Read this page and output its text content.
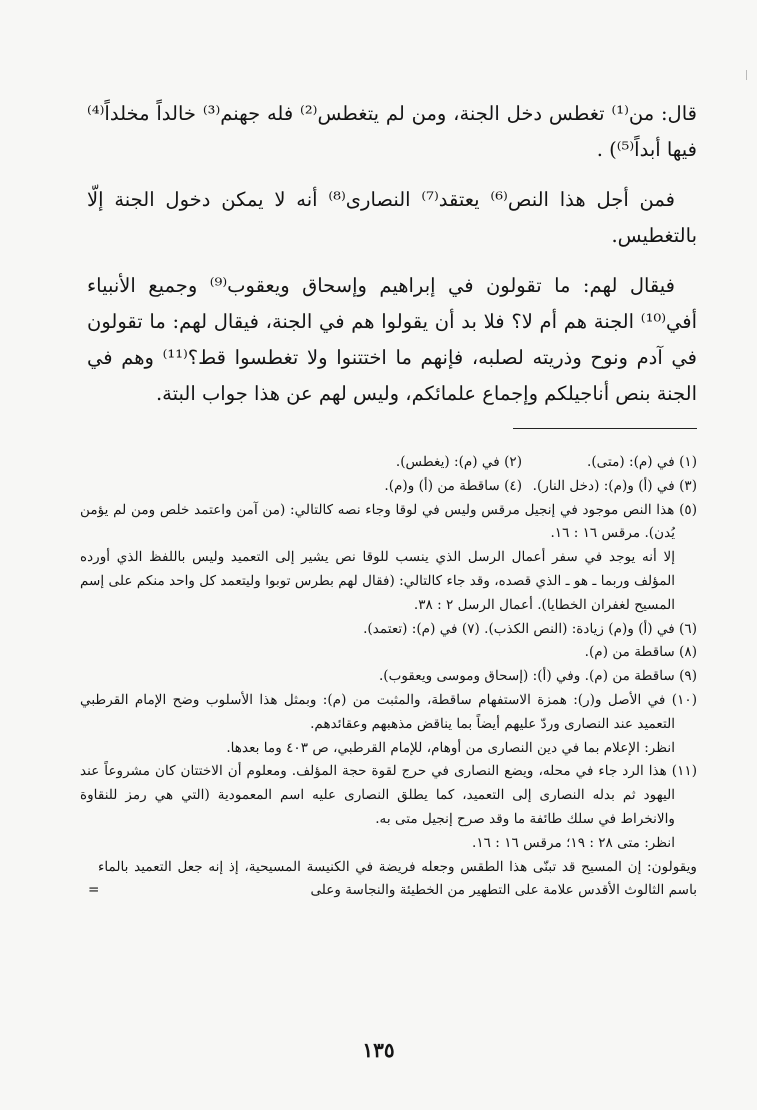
قال: من⁽¹⁾ تغطس دخل الجنة، ومن لم يتغطس⁽²⁾ فله جهنم⁽³⁾ خالداً مخلداً⁽⁴⁾ فيها أبداً⁽⁵⁾) .

فمن أجل هذا النص⁽⁶⁾ يعتقد⁽⁷⁾ النصارى⁽⁸⁾ أنه لا يمكن دخول الجنة إلّا بالتغطيس.

فيقال لهم: ما تقولون في إبراهيم وإسحاق ويعقوب⁽⁹⁾ وجميع الأنبياء أفي⁽¹⁰⁾ الجنة هم أم لا؟ فلا بد أن يقولوا هم في الجنة، فيقال لهم: ما تقولون في آدم ونوح وذريته لصلبه، فإنهم ما اختتنوا ولا تغطسوا قط؟⁽¹¹⁾ وهم في الجنة بنص أناجيلكم وإجماع علمائكم، وليس لهم عن هذا جواب البتة.

(١) في (م): (متى).
(٢) في (م): (يغطس).
(٣) في (أ) و(م): (دخل النار).
(٤) ساقطة من (أ) و(م).

(٥) هذا النص موجود في إنجيل مرقس وليس في لوقا وجاء نصه كالتالي: (من آمن واعتمد خلص ومن لم يؤمن يُدن). مرقس ١٦ : ١٦.

إلا أنه يوجد في سفر أعمال الرسل الذي ينسب للوقا نص يشير إلى التعميد وليس باللفظ الذي أورده المؤلف وربما ـ هو ـ الذي قصده، وقد جاء كالتالي: (فقال لهم بطرس توبوا وليتعمد كل واحد منكم على إسم المسيح لغفران الخطايا). أعمال الرسل ٢ : ٣٨.

(٦) في (أ) و(م) زيادة: (النص الكذب). (٧) في (م): (تعتمد).

(٨) ساقطة من (م).

(٩) ساقطة من (م). وفي (أ): (إسحاق وموسى ويعقوب).

(١٠) في الأصل و(ر): همزة الاستفهام ساقطة، والمثبت من (م): وبمثل هذا الأسلوب وضح الإمام القرطبي التعميد عند النصارى وردّ عليهم أيضاً بما يناقض مذهبهم وعقائدهم.

انظر: الإعلام بما في دين النصارى من أوهام، للإمام القرطبي، ص ٤٠٣ وما بعدها.

(١١) هذا الرد جاء في محله، ويضع النصارى في حرج لقوة حجة المؤلف. ومعلوم أن الاختتان كان مشروعاً عند اليهود ثم بدله النصارى إلى التعميد، كما يطلق النصارى عليه اسم المعمودية (التي هي رمز للنقاوة والانخراط في سلك طائفة ما وقد صرح إنجيل متى به.

انظر: متى ٢٨ : ١٩؛ مرقس ١٦ : ١٦.

ويقولون: إن المسيح قد تبنّى هذا الطقس وجعله فريضة في الكنيسة المسيحية، إذ إنه جعل التعميد بالماء باسم الثالوث الأقدس علامة على التطهير من الخطيئة والنجاسة وعلى

=
١٣٥
